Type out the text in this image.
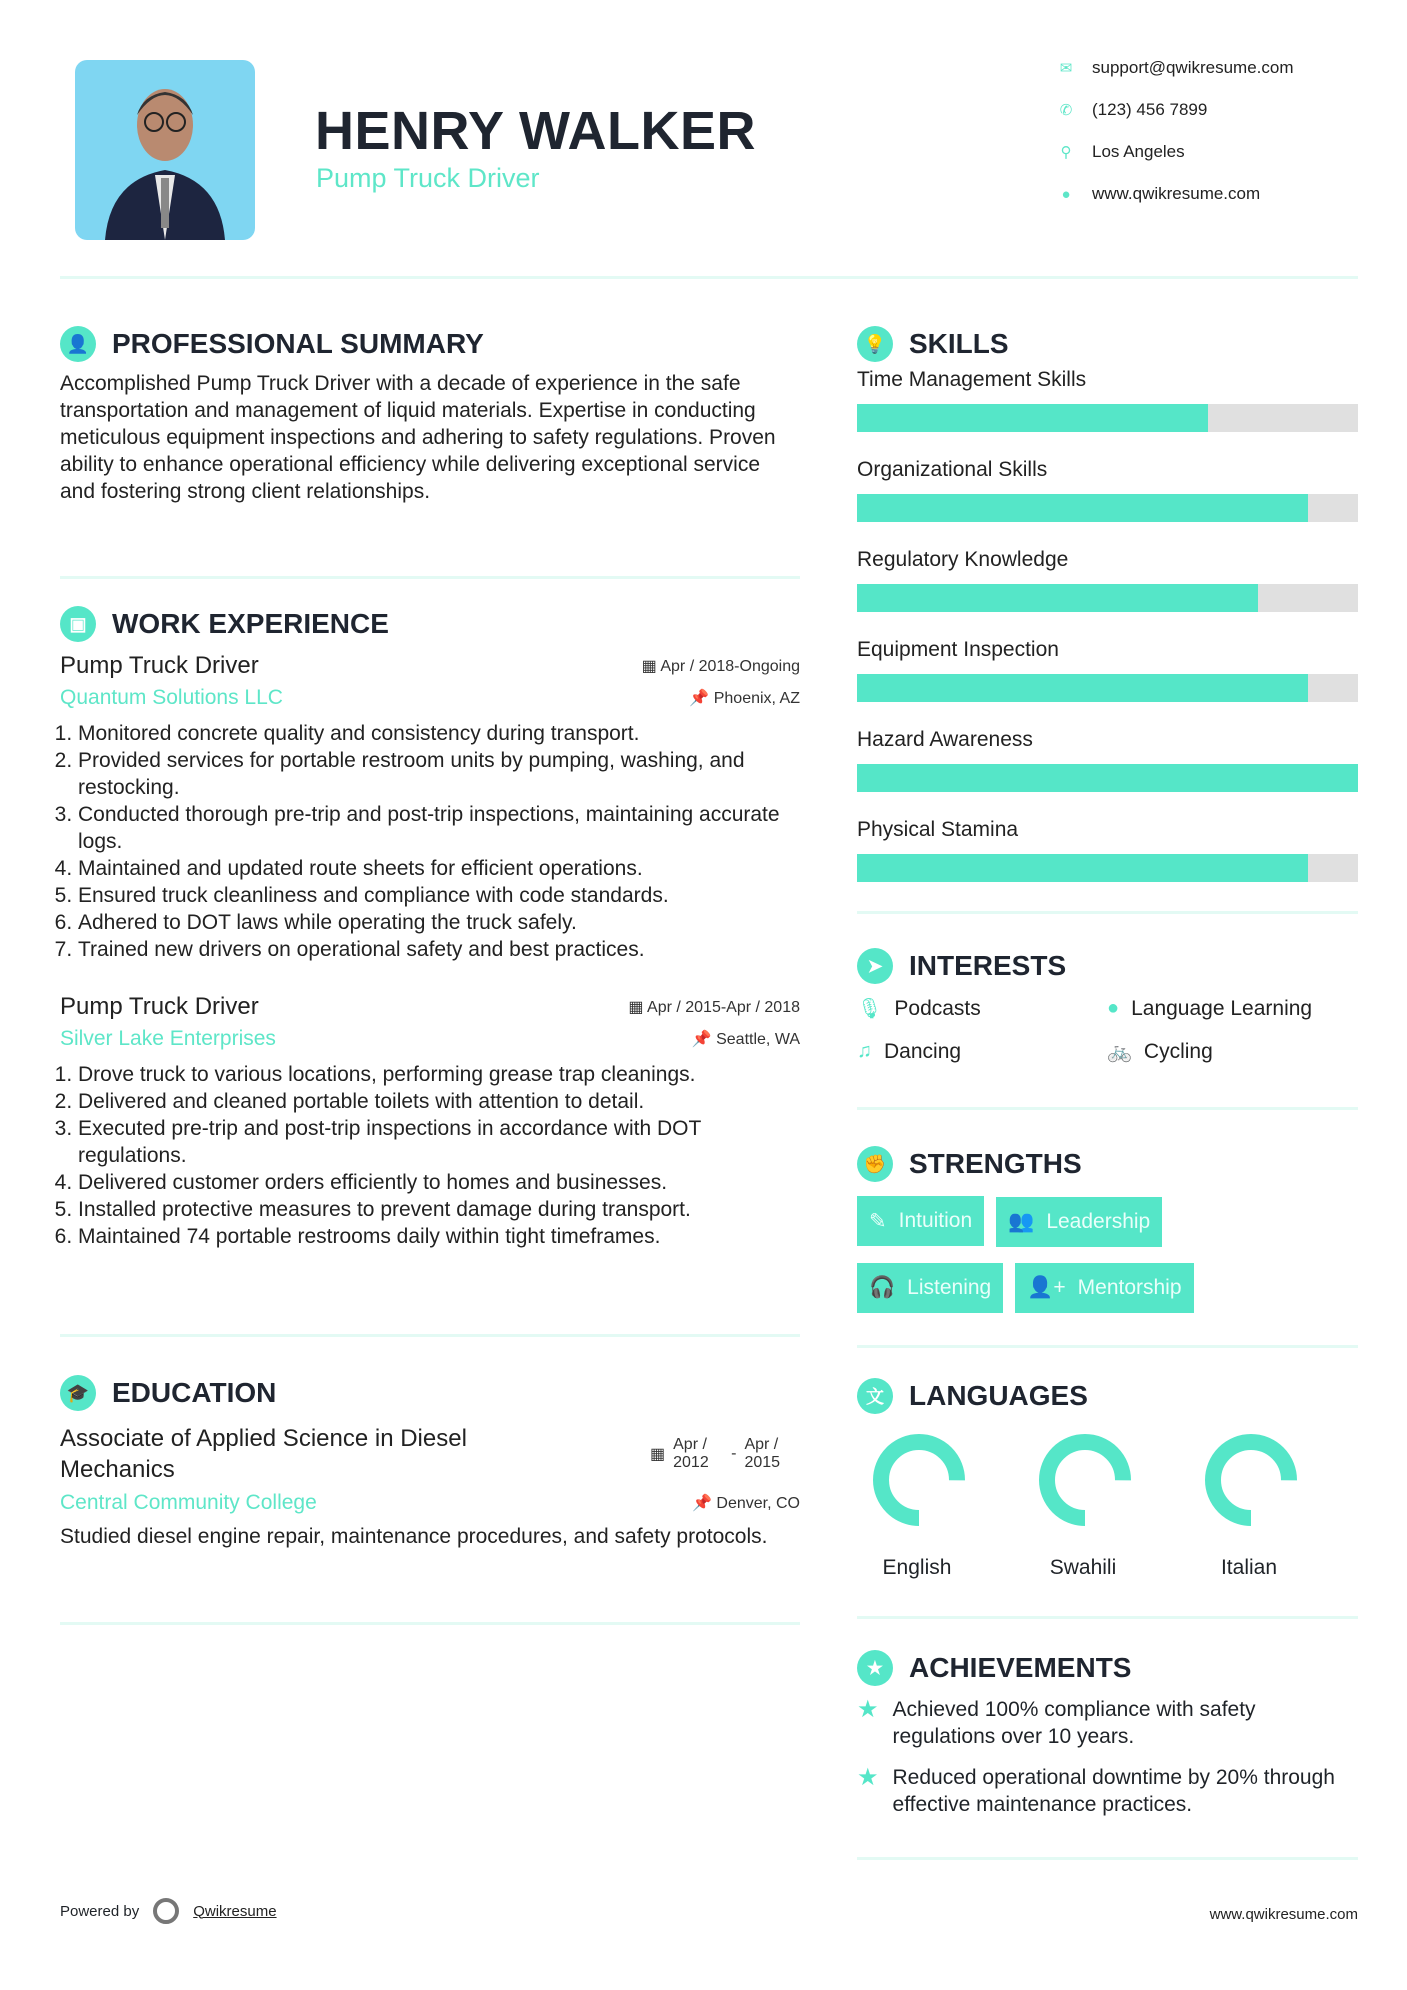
HENRY WALKER
Pump Truck Driver
✉ support@qwikresume.com
✆ (123) 456 7899
⚲ Los Angeles
● www.qwikresume.com
👤 PROFESSIONAL SUMMARY

Accomplished Pump Truck Driver with a decade of experience in the safe transportation and management of liquid materials. Expertise in conducting meticulous equipment inspections and adhering to safety regulations. Proven ability to enhance operational efficiency while delivering exceptional service and fostering strong client relationships.

▣ WORK EXPERIENCE
Pump Truck Driver	▦ Apr / 2018-Ongoing
Quantum Solutions LLC	📌 Phoenix, AZ
1. Monitored concrete quality and consistency during transport.
2. Provided services for portable restroom units by pumping, washing, and restocking.
3. Conducted thorough pre-trip and post-trip inspections, maintaining accurate logs.
4. Maintained and updated route sheets for efficient operations.
5. Ensured truck cleanliness and compliance with code standards.
6. Adhered to DOT laws while operating the truck safely.
7. Trained new drivers on operational safety and best practices.
Pump Truck Driver	▦ Apr / 2015-Apr / 2018
Silver Lake Enterprises	📌 Seattle, WA
1. Drove truck to various locations, performing grease trap cleanings.
2. Delivered and cleaned portable toilets with attention to detail.
3. Executed pre-trip and post-trip inspections in accordance with DOT regulations.
4. Delivered customer orders efficiently to homes and businesses.
5. Installed protective measures to prevent damage during transport.
6. Maintained 74 portable restrooms daily within tight timeframes.
🎓 EDUCATION
Associate of Applied Science in Diesel Mechanics
▦
Apr / 2012
-
Apr / 2015
Central Community College	📌 Denver, CO

Studied diesel engine repair, maintenance procedures, and safety protocols.

💡 SKILLS
Time Management Skills
Organizational Skills
Regulatory Knowledge
Equipment Inspection
Hazard Awareness
Physical Stamina
➤ INTERESTS
🎙 Podcasts	● Language Learning
♫ Dancing	🚲 Cycling
✊ STRENGTHS
✎ Intuition 👥 Leadership
🎧 Listening 👤+ Mentorship
文 LANGUAGES
English	Swahili	Italian
★ ACHIEVEMENTS
★ Achieved 100% compliance with safety regulations over 10 years.
★ Reduced operational downtime by 20% through effective maintenance practices.
Powered by	Qwikresume	www.qwikresume.com
